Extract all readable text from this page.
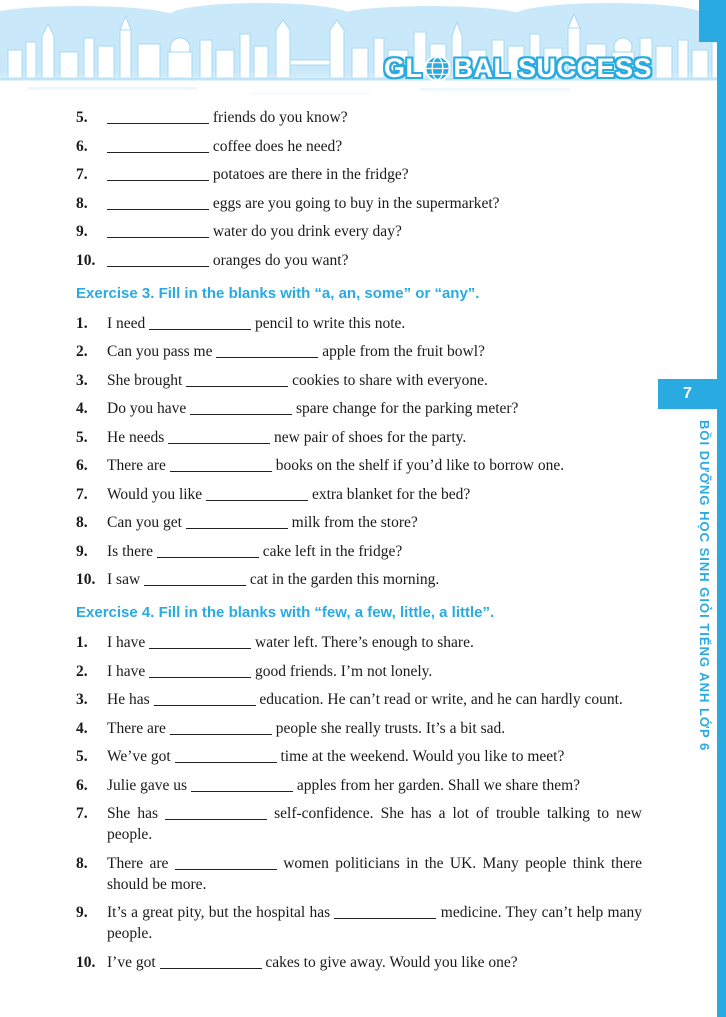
GL BAL SUCCESS
7
BỒI DƯỠNG HỌC SINH GIỎI TIẾNG ANH LỚP 6
5.	friends do you know?
6.	coffee does he need?
7.	potatoes are there in the fridge?
8.	eggs are you going to buy in the supermarket?
9.	water do you drink every day?
10.	oranges do you want?
Exercise 3. Fill in the blanks with “a, an, some” or “any”.
1. I need	pencil to write this note.
2. Can you pass me	apple from the fruit bowl?
3. She brought	cookies to share with everyone.
4. Do you have	spare change for the parking meter?
5. He needs	new pair of shoes for the party.
6. There are	books on the shelf if you’d like to borrow one.
7. Would you like	extra blanket for the bed?
8. Can you get	milk from the store?
9. Is there	cake left in the fridge?
10. I saw	cat in the garden this morning.
Exercise 4. Fill in the blanks with “few, a few, little, a little”.
1. I have	water left. There’s enough to share.
2. I have	good friends. I’m not lonely.
3. He has	education. He can’t read or write, and he can hardly count.
4. There are	people she really trusts. It’s a bit sad.
5. We’ve got	time at the weekend. Would you like to meet?
6. Julie gave us	apples from her garden. Shall we share them?
7. She has	self-confidence. She has a lot of trouble talking to new people.
8. There are	women politicians in the UK. Many people think there should be more.
9. It’s a great pity, but the hospital has	medicine. They can’t help many people.
10. I’ve got	cakes to give away. Would you like one?
